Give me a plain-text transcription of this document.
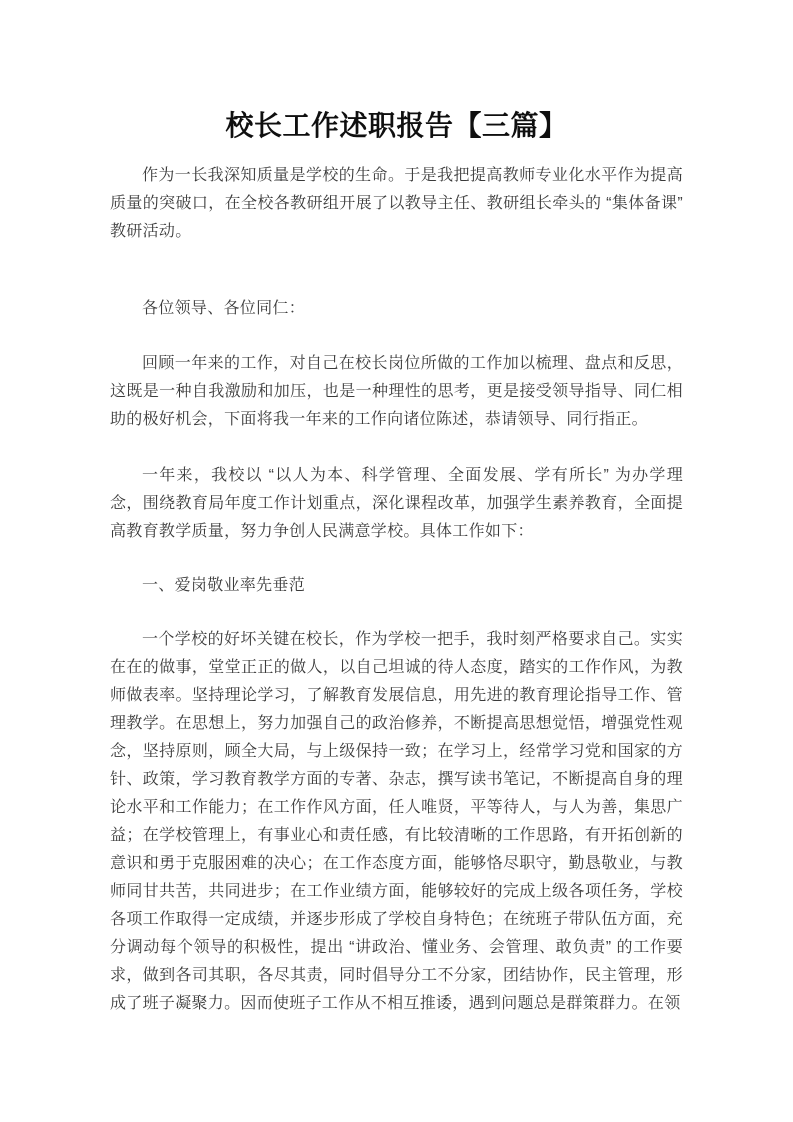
校长工作述职报告【三篇】

作为一长我深知质量是学校的生命。于是我把提高教师专业化水平作为提高质量的突破口，在全校各教研组开展了以教导主任、教研组长牵头的 “集体备课” 教研活动。

各位领导、各位同仁：

回顾一年来的工作，对自己在校长岗位所做的工作加以梳理、盘点和反思，这既是一种自我激励和加压，也是一种理性的思考，更是接受领导指导、同仁相助的极好机会，下面将我一年来的工作向诸位陈述，恭请领导、同行指正。

一年来，我校以 “以人为本、科学管理、全面发展、学有所长” 为办学理念，围绕教育局年度工作计划重点，深化课程改革，加强学生素养教育，全面提高教育教学质量，努力争创人民满意学校。具体工作如下：

一、爱岗敬业率先垂范

一个学校的好坏关键在校长，作为学校一把手，我时刻严格要求自己。实实在在的做事，堂堂正正的做人，以自己坦诚的待人态度，踏实的工作作风，为教师做表率。坚持理论学习，了解教育发展信息，用先进的教育理论指导工作、管理教学。在思想上，努力加强自己的政治修养，不断提高思想觉悟，增强党性观念，坚持原则，顾全大局，与上级保持一致；在学习上，经常学习党和国家的方针、政策，学习教育教学方面的专著、杂志，撰写读书笔记，不断提高自身的理论水平和工作能力；在工作作风方面，任人唯贤，平等待人，与人为善，集思广益；在学校管理上，有事业心和责任感，有比较清晰的工作思路，有开拓创新的意识和勇于克服困难的决心；在工作态度方面，能够恪尽职守，勤恳敬业，与教师同甘共苦，共同进步；在工作业绩方面，能够较好的完成上级各项任务，学校各项工作取得一定成绩，并逐步形成了学校自身特色；在统班子带队伍方面，充分调动每个领导的积极性，提出 “讲政治、懂业务、会管理、敢负责” 的工作要求，做到各司其职，各尽其责，同时倡导分工不分家，团结协作，民主管理，形成了班子凝聚力。因而使班子工作从不相互推诿，遇到问题总是群策群力。在领
